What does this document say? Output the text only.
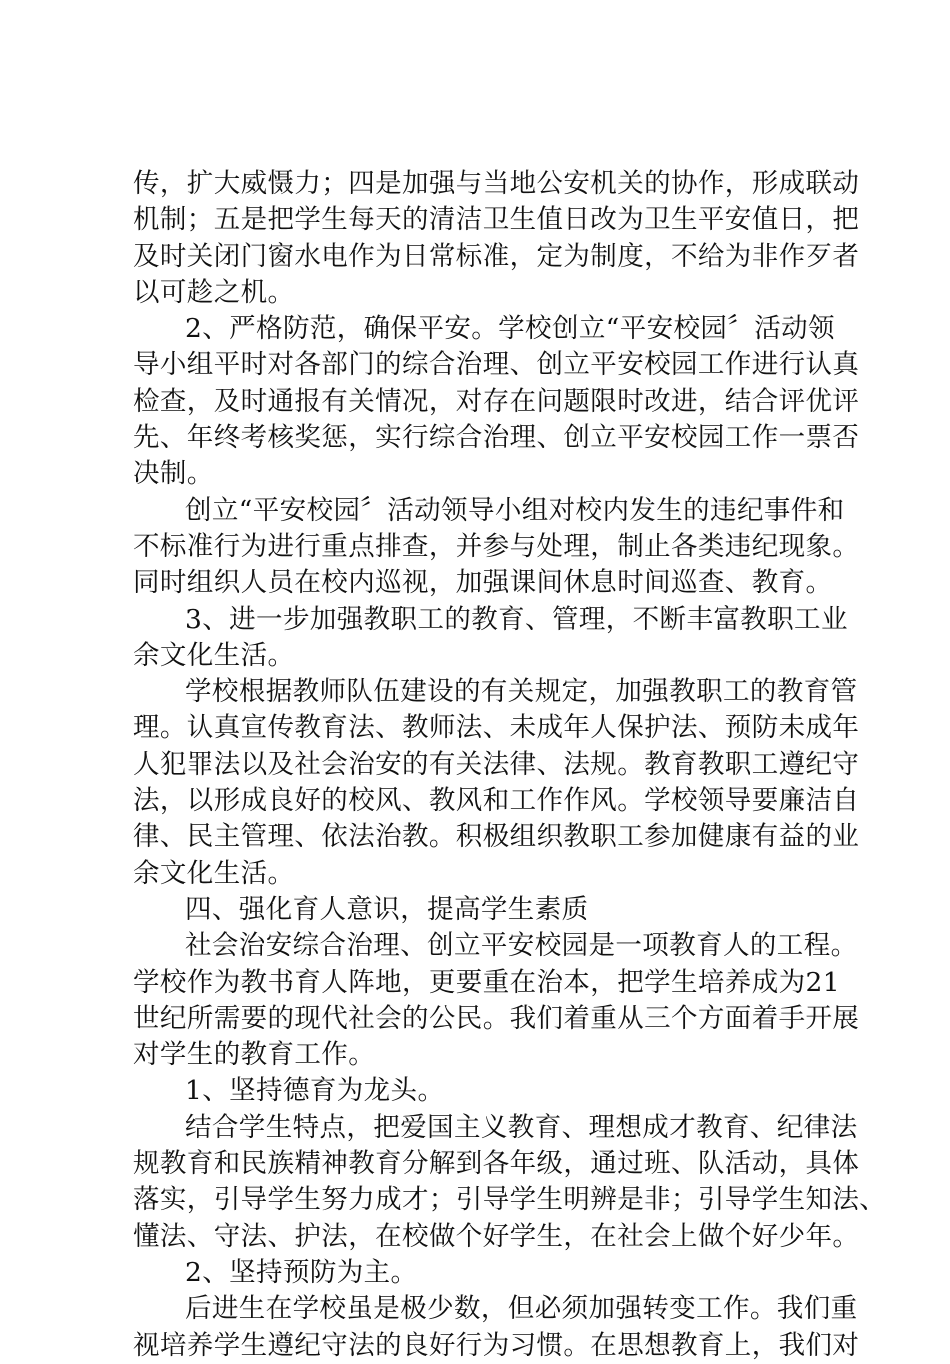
传，扩大威慑力；四是加强与当地公安机关的协作，形成联动
机制；五是把学生每天的清洁卫生值日改为卫生平安值日，把
及时关闭门窗水电作为日常标准，定为制度，不给为非作歹者
以可趁之机。
2、严格防范，确保平安。学校创立“平安校园〞活动领
导小组平时对各部门的综合治理、创立平安校园工作进行认真
检查，及时通报有关情况，对存在问题限时改进，结合评优评
先、年终考核奖惩，实行综合治理、创立平安校园工作一票否
决制。
创立“平安校园〞活动领导小组对校内发生的违纪事件和
不标准行为进行重点排查，并参与处理，制止各类违纪现象。
同时组织人员在校内巡视，加强课间休息时间巡查、教育。
3、进一步加强教职工的教育、管理，不断丰富教职工业
余文化生活。
学校根据教师队伍建设的有关规定，加强教职工的教育管
理。认真宣传教育法、教师法、未成年人保护法、预防未成年
人犯罪法以及社会治安的有关法律、法规。教育教职工遵纪守
法，以形成良好的校风、教风和工作作风。学校领导要廉洁自
律、民主管理、依法治教。积极组织教职工参加健康有益的业
余文化生活。
四、强化育人意识，提高学生素质
社会治安综合治理、创立平安校园是一项教育人的工程。
学校作为教书育人阵地，更要重在治本，把学生培养成为21
世纪所需要的现代社会的公民。我们着重从三个方面着手开展
对学生的教育工作。
1、坚持德育为龙头。
结合学生特点，把爱国主义教育、理想成才教育、纪律法
规教育和民族精神教育分解到各年级，通过班、队活动，具体
落实，引导学生努力成才；引导学生明辨是非；引导学生知法、
懂法、守法、护法，在校做个好学生，在社会上做个好少年。
2、坚持预防为主。
后进生在学校虽是极少数，但必须加强转变工作。我们重
视培养学生遵纪守法的良好行为习惯。在思想教育上，我们对
